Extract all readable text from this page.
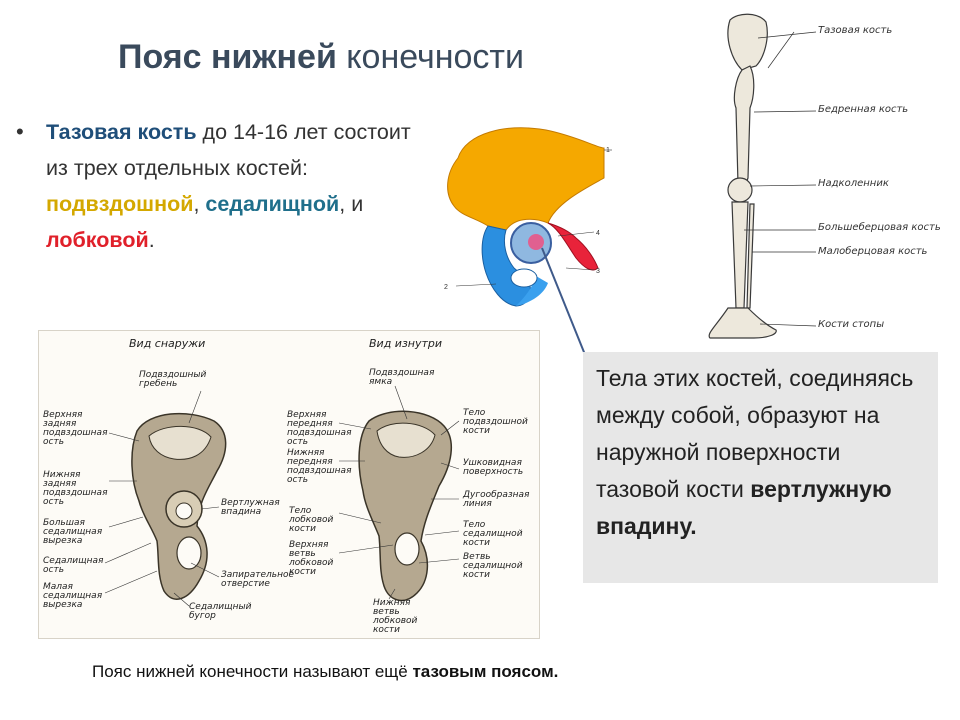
Пояс нижней конечности
• Тазовая кость до 14-16 лет состоит из трех отдельных костей: подвздошной, седалищной, и лобковой.
1
2
4
3
Тазовая кость
Бедренная кость
Надколенник
Большеберцовая кость
Малоберцовая кость
Кости стопы
Вид снаружи	Вид изнутри
Подвздошный гребень
Верхняя задняя подвздошная ость
Нижняя задняя подвздошная ость
Большая седалищная вырезка
Седалищная ость
Малая седалищная вырезка
Вертлужная впадина
Запирательное отверстие
Седалищный бугор
Подвздошная ямка
Верхняя передняя подвздошная ость
Нижняя передняя подвздошная ость
Тело лобковой кости
Верхняя ветвь лобковой кости
Нижняя ветвь лобковой кости
Тело подвздошной кости
Ушковидная поверхность
Дугообразная линия
Тело седалищной кости
Ветвь седалищной кости
Тела этих костей, соединяясь между собой, образуют на наружной поверхности тазовой кости вертлужную впадину.
Пояс нижней конечности называют ещё тазовым поясом.
